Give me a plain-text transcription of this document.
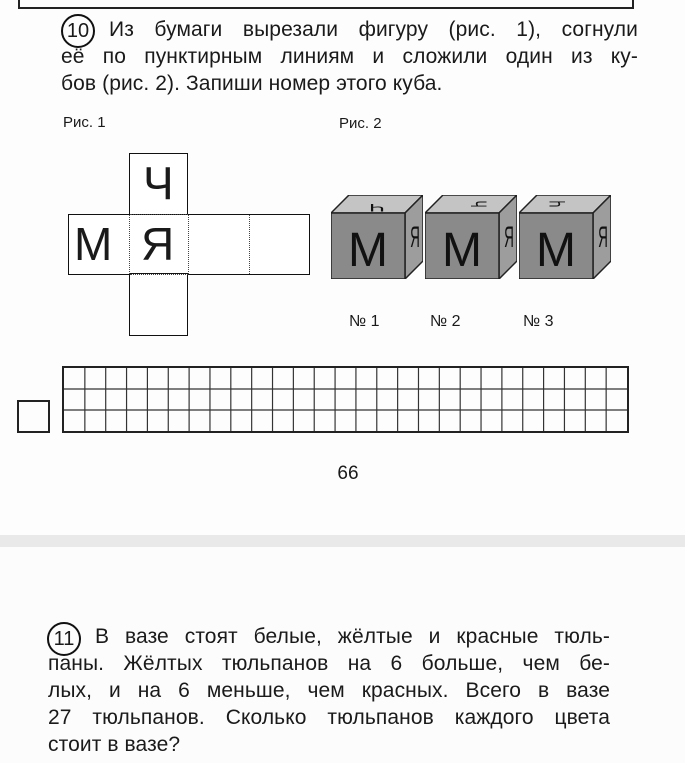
10 Из бумаги вырезали фигуру (рис. 1), согнули
её по пунктирным линиям и сложили один из ку-
бов (рис. 2). Запиши номер этого куба.
Рис. 1	Рис. 2
Ч
М Я	М Я
Ч
М Я
Ч
М Я
Ч
№ 1	№ 2	№ 3
66
11 В вазе стоят белые, жёлтые и красные тюль-
паны. Жёлтых тюльпанов на 6 больше, чем бе-
лых, и на 6 меньше, чем красных. Всего в вазе
27 тюльпанов. Сколько тюльпанов каждого цвета
стоит в вазе?
